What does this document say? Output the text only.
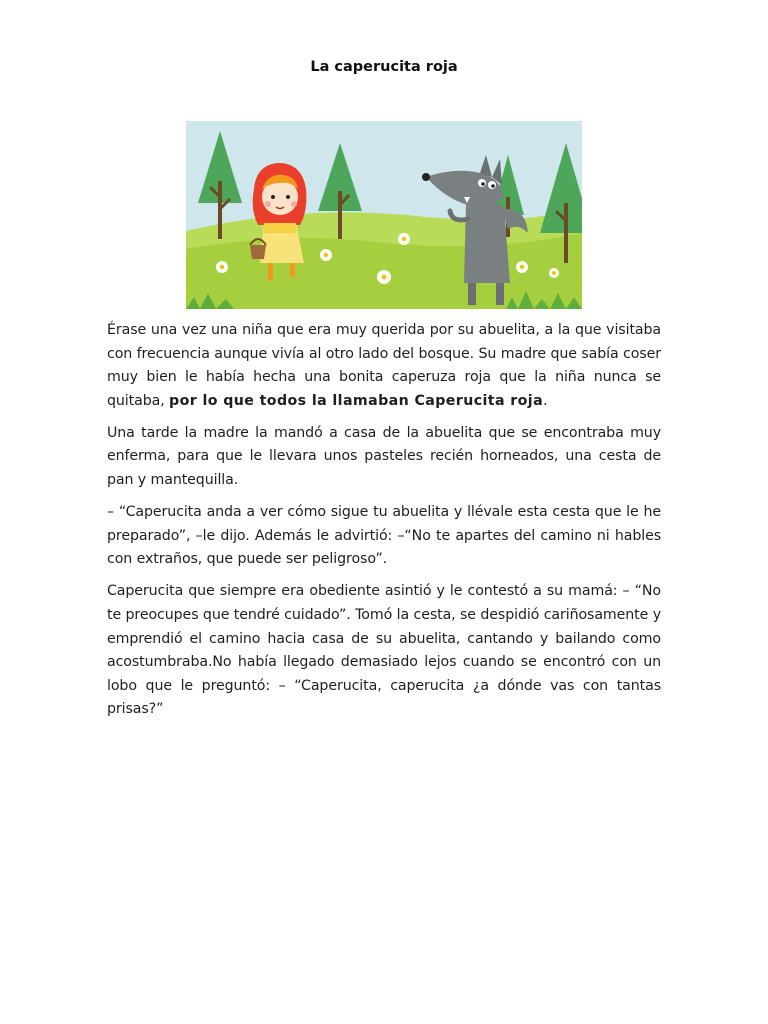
La caperucita roja

Érase una vez una niña que era muy querida por su abuelita, a la que visitaba con frecuencia aunque vivía al otro lado del bosque. Su madre que sabía coser muy bien le había hecha una bonita caperuza roja que la niña nunca se quitaba, por lo que todos la llamaban Caperucita roja.

Una tarde la madre la mandó a casa de la abuelita que se encontraba muy enferma, para que le llevara unos pasteles recién horneados, una cesta de pan y mantequilla.

– “Caperucita anda a ver cómo sigue tu abuelita y llévale esta cesta que le he preparado”, –le dijo. Además le advirtió: –“No te apartes del camino ni hables con extraños, que puede ser peligroso”.

Caperucita que siempre era obediente asintió y le contestó a su mamá: – “No te preocupes que tendré cuidado”. Tomó la cesta, se despidió cariñosamente y emprendió el camino hacia casa de su abuelita, cantando y bailando como acostumbraba.No había llegado demasiado lejos cuando se encontró con un lobo que le preguntó: – “Caperucita, caperucita ¿a dónde vas con tantas prisas?”
